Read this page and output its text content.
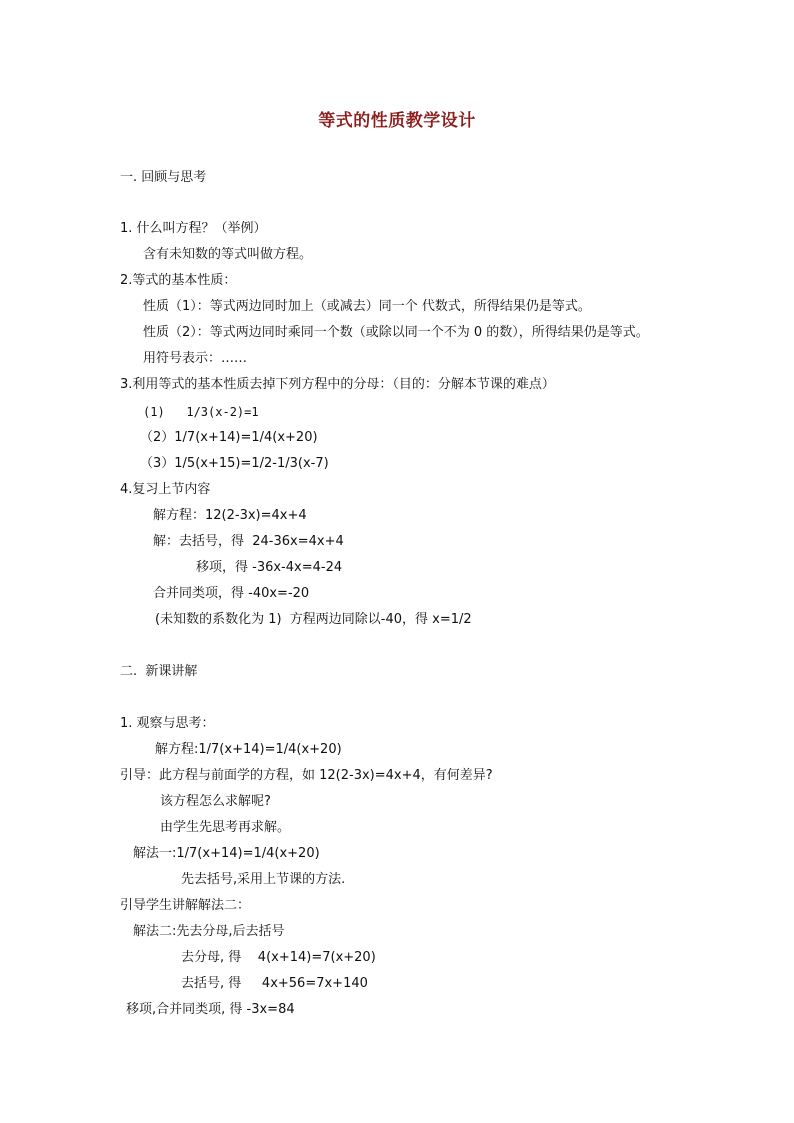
等式的性质教学设计
一. 回顾与思考
1. 什么叫方程？（举例）
含有未知数的等式叫做方程。
2.等式的基本性质：
性质（1）：等式两边同时加上（或减去）同一个 代数式，所得结果仍是等式。
性质（2）：等式两边同时乘同一个数（或除以同一个不为 0 的数），所得结果仍是等式。
用符号表示：……
3.利用等式的基本性质去掉下列方程中的分母：（目的：分解本节课的难点）
(1)   1/3(x-2)=1
（2）1/7(x+14)=1/4(x+20)
（3）1/5(x+15)=1/2-1/3(x-7)
4.复习上节内容
解方程：12(2-3x)=4x+4
解：去括号，得  24-36x=4x+4
移项，得 -36x-4x=4-24
合并同类项，得 -40x=-20
(未知数的系数化为 1)  方程两边同除以-40，得 x=1/2
二.  新课讲解
1. 观察与思考：
解方程:1/7(x+14)=1/4(x+20)
引导：此方程与前面学的方程，如 12(2-3x)=4x+4，有何差异?
该方程怎么求解呢?
由学生先思考再求解。
解法一:1/7(x+14)=1/4(x+20)
先去括号,采用上节课的方法.
引导学生讲解解法二：
解法二:先去分母,后去括号
去分母, 得    4(x+14)=7(x+20)
去括号, 得     4x+56=7x+140
移项,合并同类项, 得 -3x=84
